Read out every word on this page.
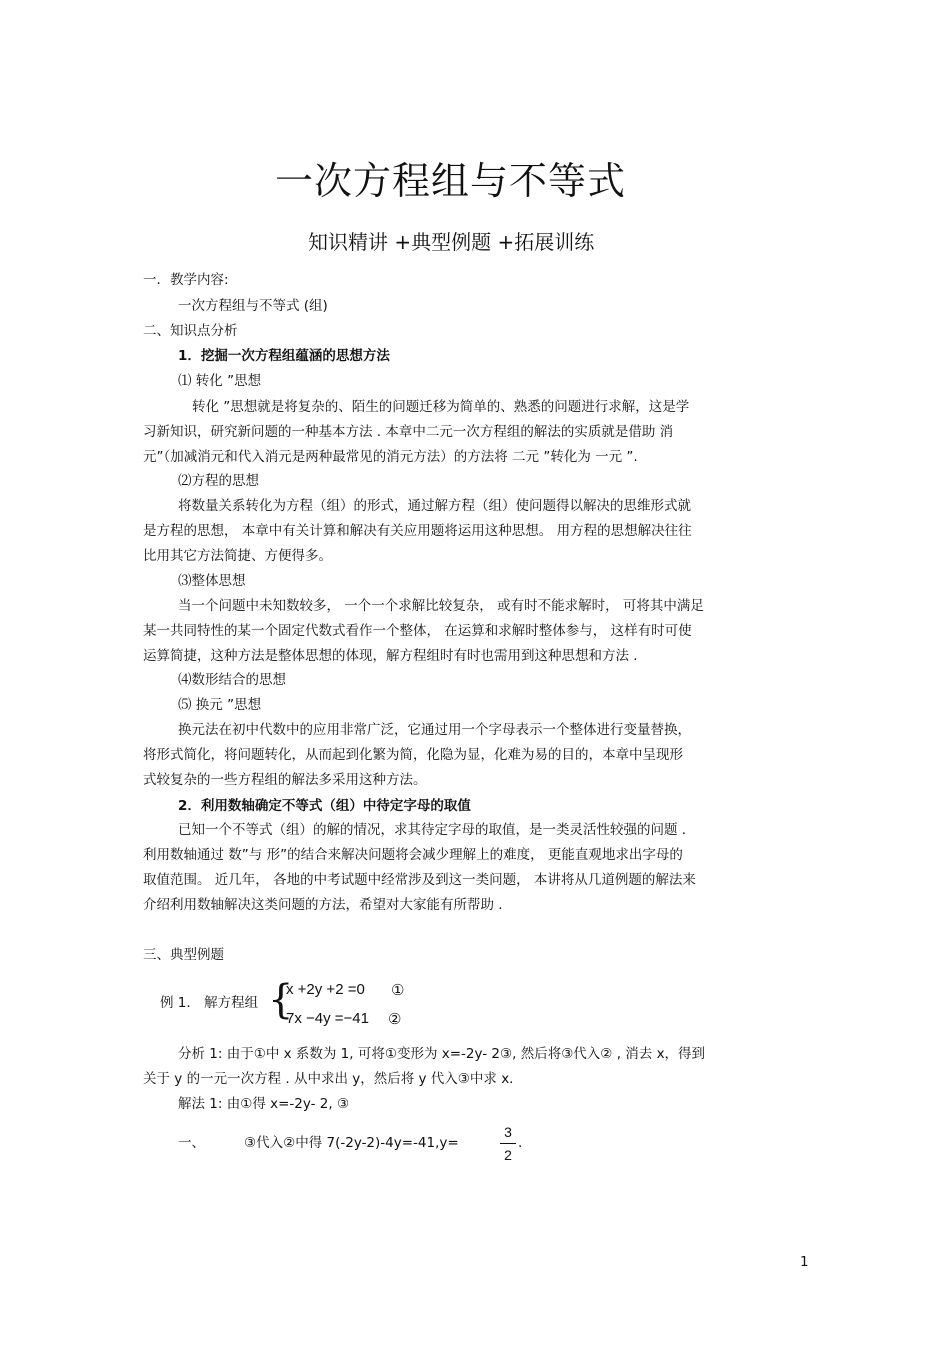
一次方程组与不等式
知识精讲 +典型例题 +拓展训练
一．教学内容:
一次方程组与不等式 (组)
二、知识点分析
1．挖掘一次方程组蕴涵的思想方法
⑴ 转化 ”思想
转化 ”思想就是将复杂的、陌生的问题迁移为简单的、熟悉的问题进行求解，这是学
习新知识，研究新问题的一种基本方法 . 本章中二元一次方程组的解法的实质就是借助 消
元”（加减消元和代入消元是两种最常见的消元方法）的方法将 二元 ”转化为 一元 ”.
⑵方程的思想
将数量关系转化为方程（组）的形式，通过解方程（组）使问题得以解决的思维形式就
是方程的思想， 本章中有关计算和解决有关应用题将运用这种思想。 用方程的思想解决往往
比用其它方法简捷、方便得多。
⑶整体思想
当一个问题中未知数较多， 一个一个求解比较复杂， 或有时不能求解时， 可将其中满足
某一共同特性的某一个固定代数式看作一个整体， 在运算和求解时整体参与， 这样有时可使
运算简捷，这种方法是整体思想的体现，解方程组时有时也需用到这种思想和方法 .
⑷数形结合的思想
⑸ 换元 ”思想
换元法在初中代数中的应用非常广泛，它通过用一个字母表示一个整体进行变量替换，
将形式简化，将问题转化，从而起到化繁为简，化隐为显，化难为易的目的，本章中呈现形
式较复杂的一些方程组的解法多采用这种方法。
2．利用数轴确定不等式（组）中待定字母的取值
已知一个不等式（组）的解的情况，求其待定字母的取值，是一类灵活性较强的问题 .
利用数轴通过 数”与 形”的结合来解决问题将会减少理解上的难度， 更能直观地求出字母的
取值范围。 近几年， 各地的中考试题中经常涉及到这一类问题， 本讲将从几道例题的解法来
介绍利用数轴解决这类问题的方法，希望对大家能有所帮助 .
三、典型例题
例 1． 解方程组 {
x +2y +2 =0 ①
7x −4y =−41 ②
分析 1: 由于①中 x 系数为 1, 可将①变形为 x=-2y- 2③, 然后将③代入② , 消去 x，得到
关于 y 的一元一次方程 . 从中求出 y，然后将 y 代入③中求 x.
解法 1: 由①得 x=-2y- 2, ③
一、	③代入②中得 7(-2y-2)-4y=-41,y=
3
2
.
1
